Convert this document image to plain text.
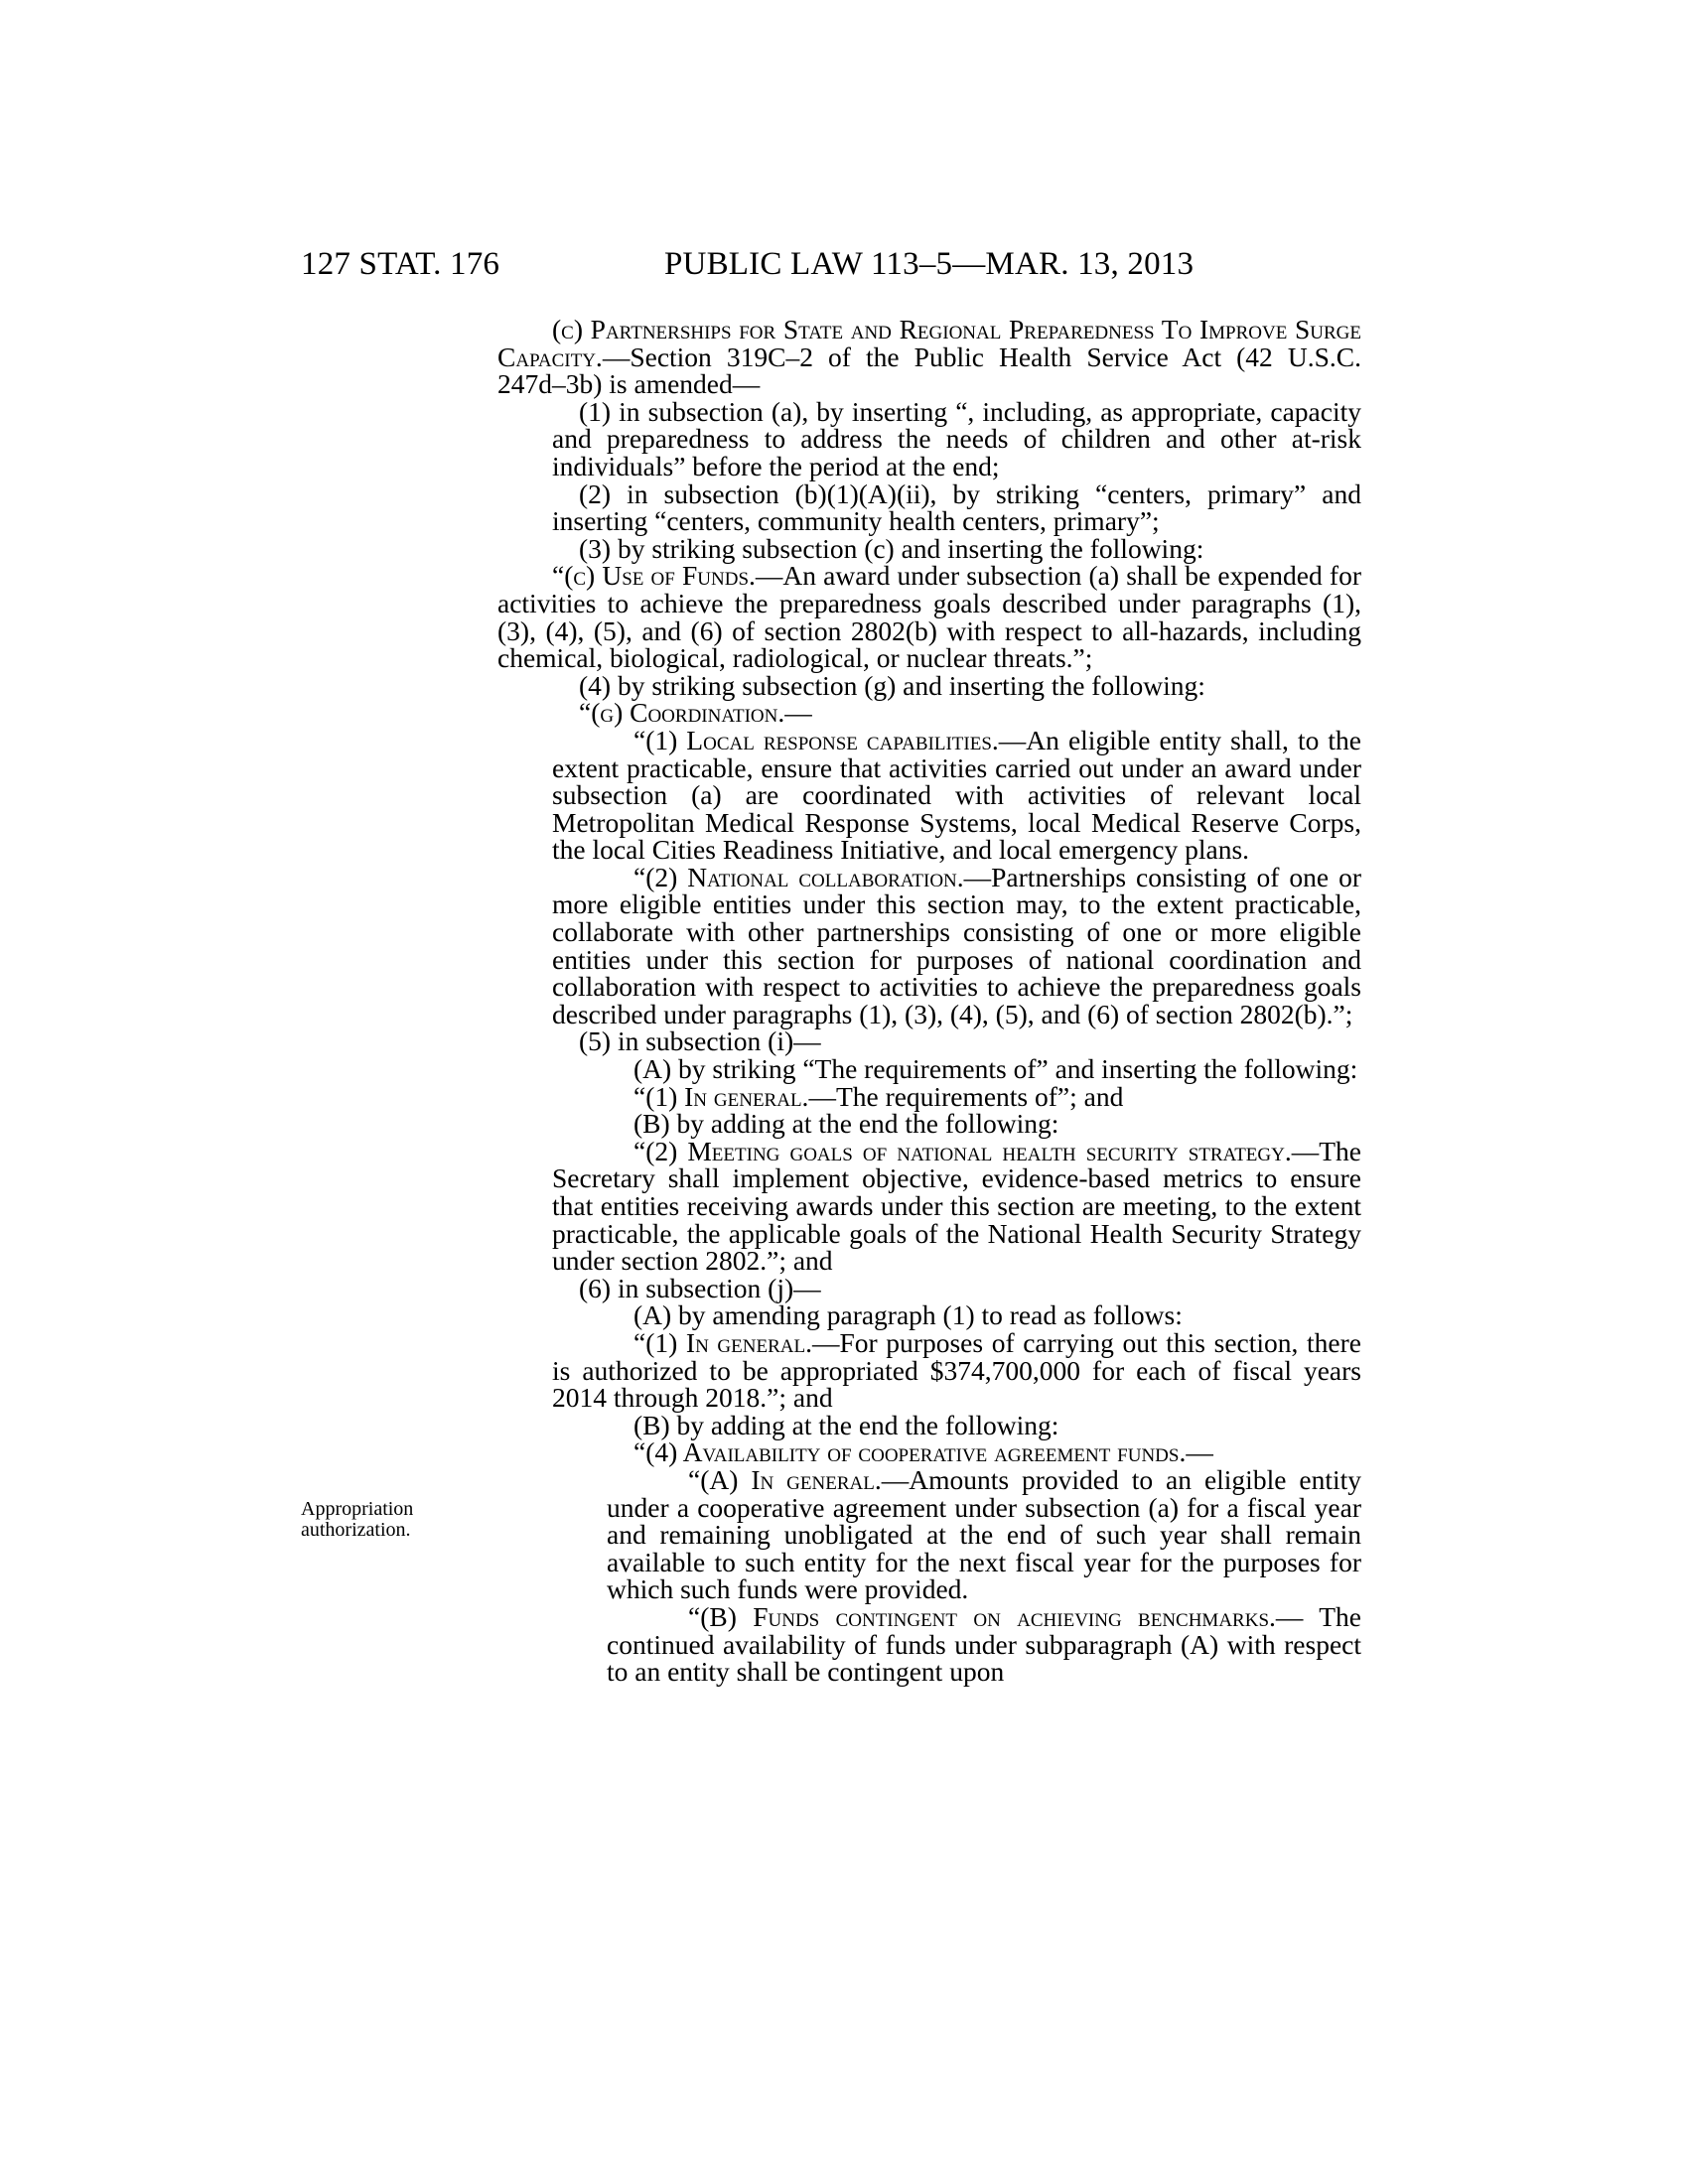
127 STAT. 176	PUBLIC LAW 113–5—MAR. 13, 2013

Appropriation

authorization.

(c) Partnerships for State and Regional Preparedness To Improve Surge Capacity.—Section 319C–2 of the Public Health Service Act (42 U.S.C. 247d–3b) is amended—

(1) in subsection (a), by inserting “, including, as appropriate, capacity and preparedness to address the needs of children and other at-risk individuals” before the period at the end;

(2) in subsection (b)(1)(A)(ii), by striking “centers, primary” and inserting “centers, community health centers, primary”;

(3) by striking subsection (c) and inserting the following:

“(c) Use of Funds.—An award under subsection (a) shall be expended for activities to achieve the preparedness goals described under paragraphs (1), (3), (4), (5), and (6) of section 2802(b) with respect to all-hazards, including chemical, biological, radiological, or nuclear threats.”;

(4) by striking subsection (g) and inserting the following:

“(g) Coordination.—

“(1) Local response capabilities.—An eligible entity shall, to the extent practicable, ensure that activities carried out under an award under subsection (a) are coordinated with activities of relevant local Metropolitan Medical Response Systems, local Medical Reserve Corps, the local Cities Readiness Initiative, and local emergency plans.

“(2) National collaboration.—Partnerships consisting of one or more eligible entities under this section may, to the extent practicable, collaborate with other partnerships consisting of one or more eligible entities under this section for purposes of national coordination and collaboration with respect to activities to achieve the preparedness goals described under paragraphs (1), (3), (4), (5), and (6) of section 2802(b).”;

(5) in subsection (i)—

(A) by striking “The requirements of” and inserting the following:

“(1) In general.—The requirements of”; and

(B) by adding at the end the following:

“(2) Meeting goals of national health security strategy.—The Secretary shall implement objective, evidence-based metrics to ensure that entities receiving awards under this section are meeting, to the extent practicable, the applicable goals of the National Health Security Strategy under section 2802.”; and

(6) in subsection (j)—

(A) by amending paragraph (1) to read as follows:

“(1) In general.—For purposes of carrying out this section, there is authorized to be appropriated $374,700,000 for each of fiscal years 2014 through 2018.”; and

(B) by adding at the end the following:

“(4) Availability of cooperative agreement funds.—

“(A) In general.—Amounts provided to an eligible entity under a cooperative agreement under subsection (a) for a fiscal year and remaining unobligated at the end of such year shall remain available to such entity for the next fiscal year for the purposes for which such funds were provided.

“(B) Funds contingent on achieving benchmarks.— The continued availability of funds under subparagraph (A) with respect to an entity shall be contingent upon
